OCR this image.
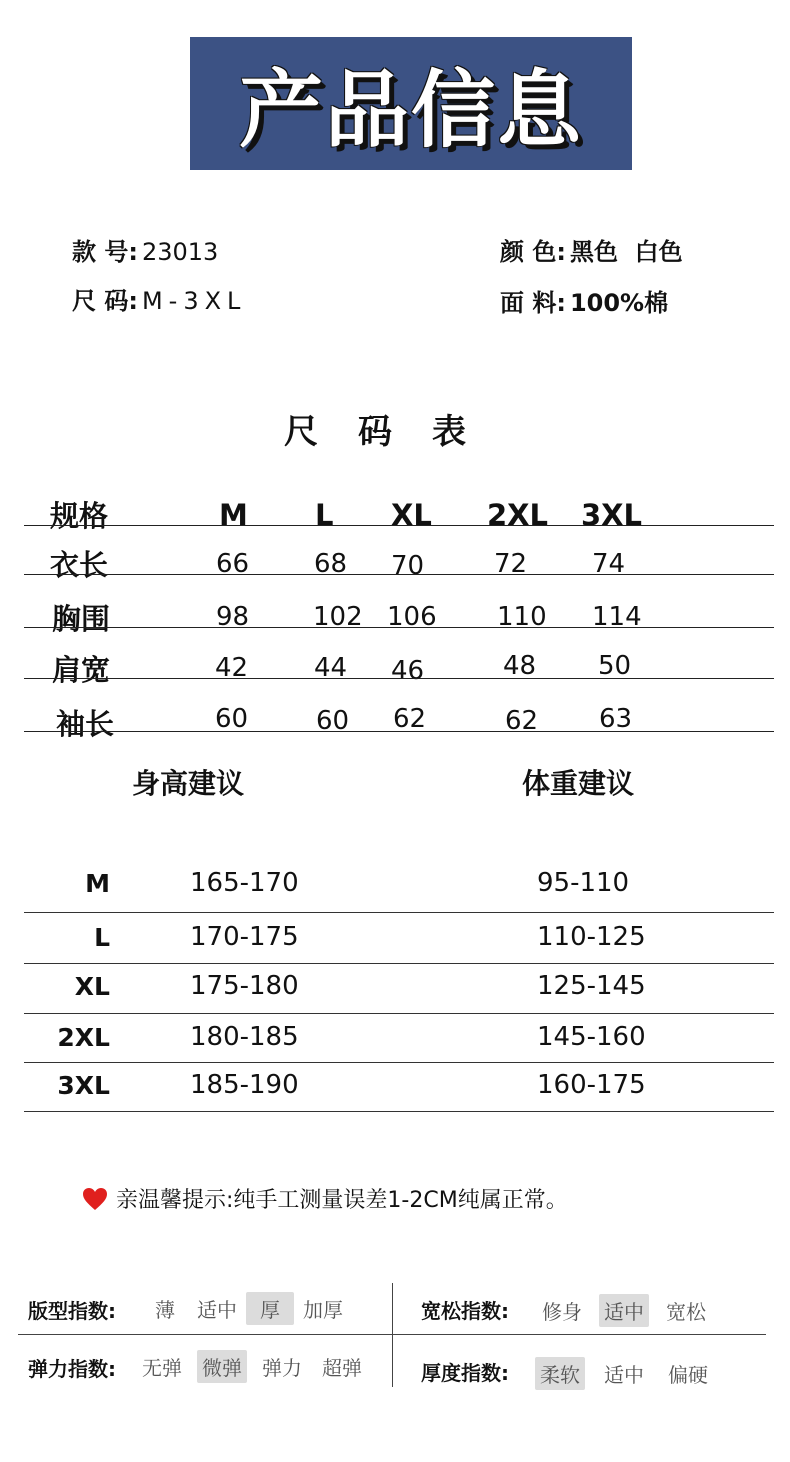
产品信息
款 号: 23013
尺 码: M-3XL
颜 色: 黑色  白色
面 料: 100%棉
尺码表
规格	M L XL 2XL 3XL
衣长	66 68 70	72 74
胸围	98 102 106 110 114
肩宽	42	44 46	48 50
袖长	60	60 62	62 63
身高建议	体重建议
M	165-170	95-110
L	170-175	110-125
XL	175-180	125-145
2XL	180-185	145-160
3XL	185-190	160-175
亲温馨提示:纯手工测量误差1-2CM纯属正常。
版型指数: 薄 适中	厚	加厚	宽松指数: 修身 适中 宽松
弹力指数: 无弹 微弹 弹力 超弹	厚度指数: 柔软 适中 偏硬
